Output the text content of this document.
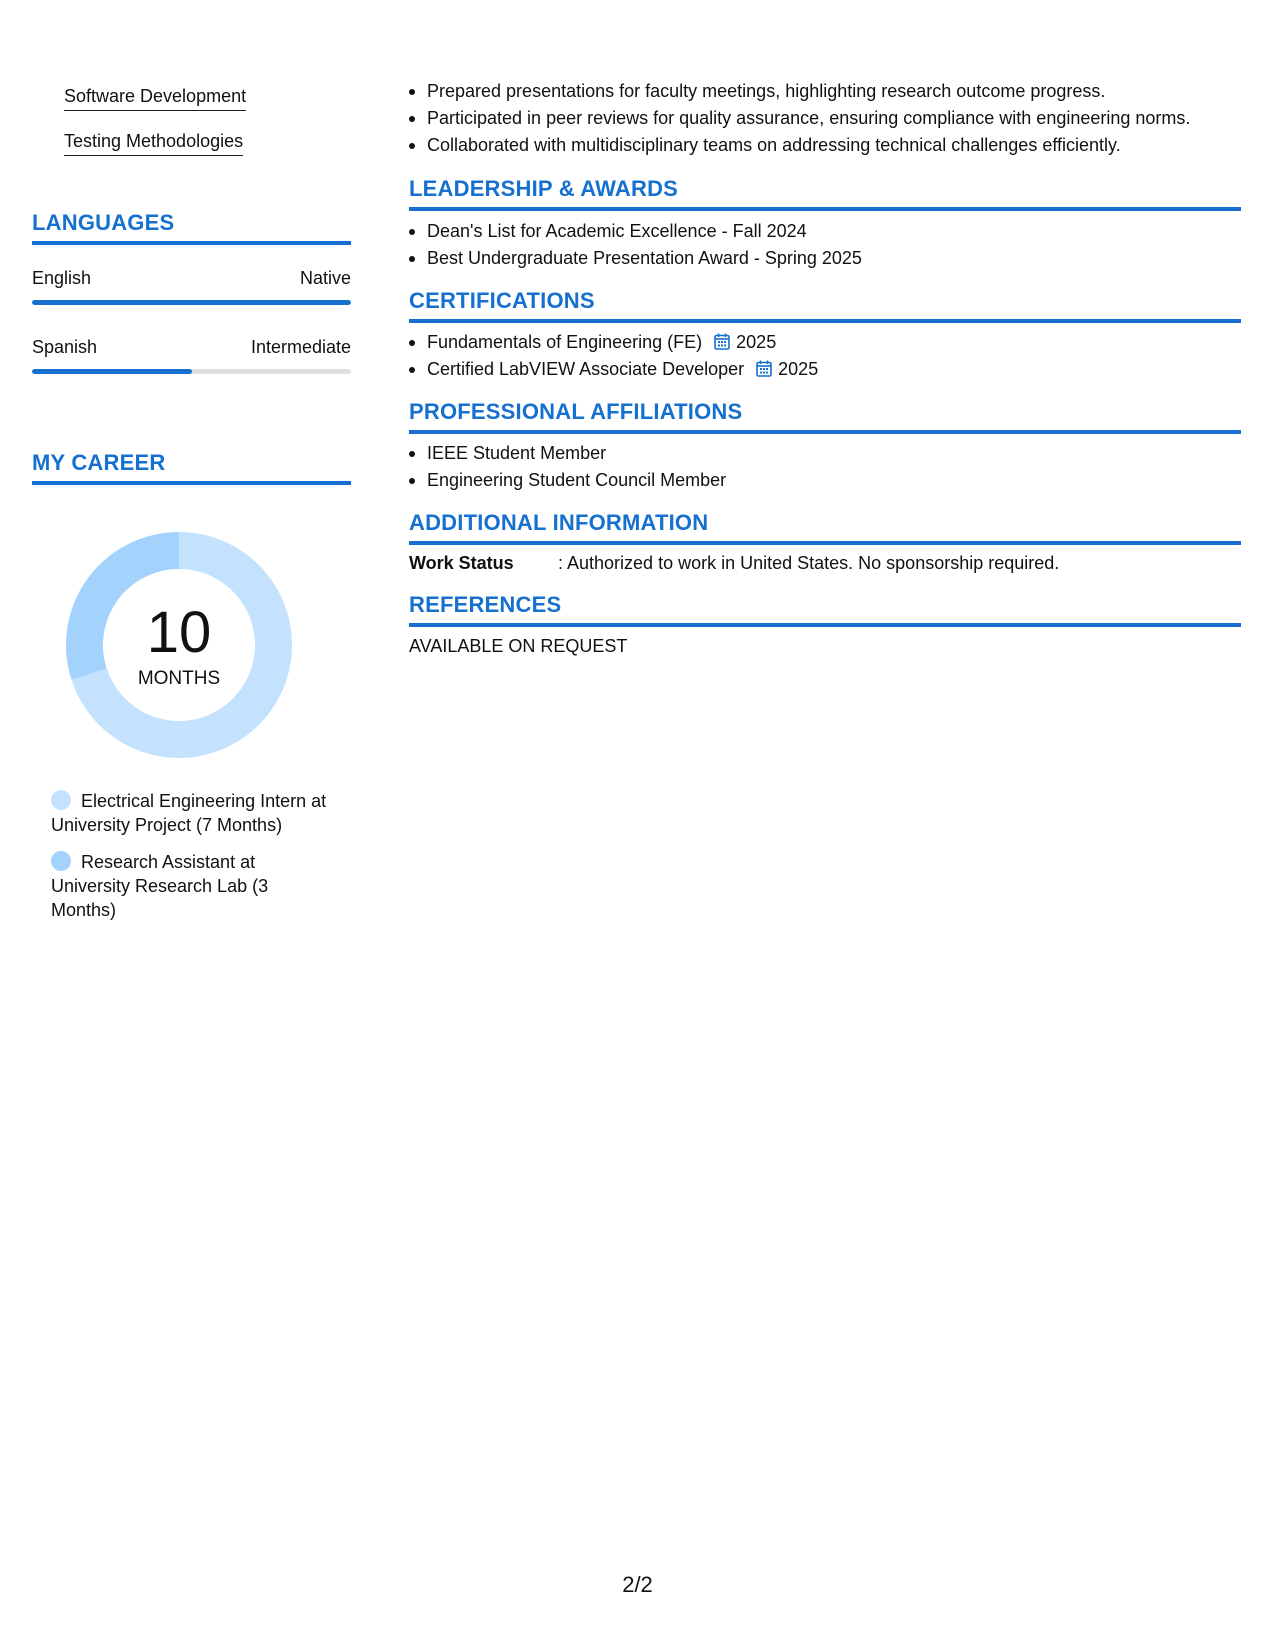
Software Development
Testing Methodologies
LANGUAGES
English	Native
Spanish	Intermediate
MY CAREER
10
MONTHS
Electrical Engineering Intern at University Project (7 Months)
Research Assistant at University Research Lab (3 Months)
Prepared presentations for faculty meetings, highlighting research outcome progress.
Participated in peer reviews for quality assurance, ensuring compliance with engineering norms.
Collaborated with multidisciplinary teams on addressing technical challenges efficiently.
LEADERSHIP & AWARDS
Dean's List for Academic Excellence - Fall 2024
Best Undergraduate Presentation Award - Spring 2025
CERTIFICATIONS
Fundamentals of Engineering (FE) 2025
Certified LabVIEW Associate Developer 2025
PROFESSIONAL AFFILIATIONS
IEEE Student Member
Engineering Student Council Member
ADDITIONAL INFORMATION
Work Status : Authorized to work in United States. No sponsorship required.
REFERENCES
AVAILABLE ON REQUEST
2/2
